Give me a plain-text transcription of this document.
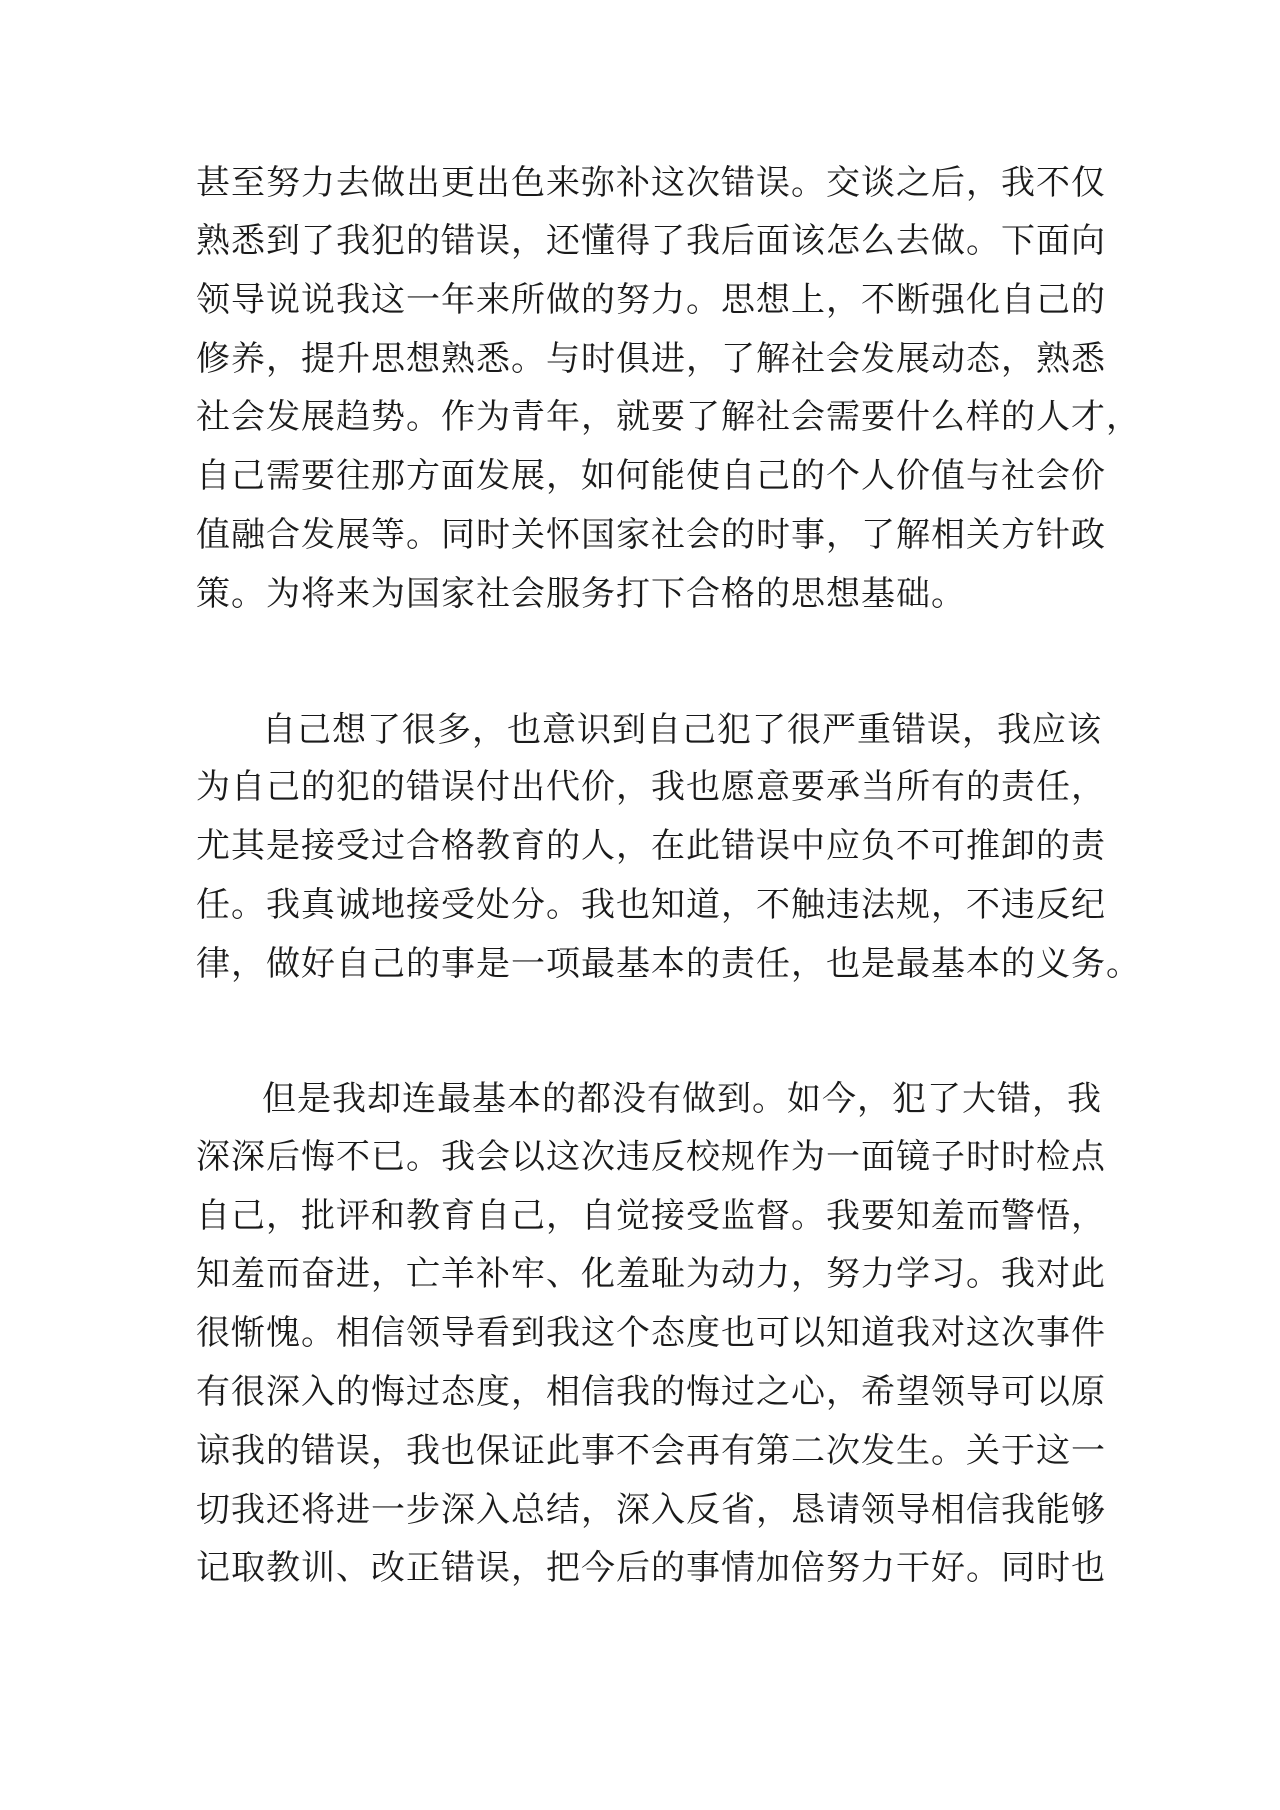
甚至努力去做出更出色来弥补这次错误。交谈之后，我不仅
熟悉到了我犯的错误，还懂得了我后面该怎么去做。下面向
领导说说我这一年来所做的努力。思想上，不断强化自己的
修养，提升思想熟悉。与时俱进，了解社会发展动态，熟悉
社会发展趋势。作为青年，就要了解社会需要什么样的人才，
自己需要往那方面发展，如何能使自己的个人价值与社会价
值融合发展等。同时关怀国家社会的时事，了解相关方针政
策。为将来为国家社会服务打下合格的思想基础。
自己想了很多，也意识到自己犯了很严重错误，我应该
为自己的犯的错误付出代价，我也愿意要承当所有的责任，
尤其是接受过合格教育的人，在此错误中应负不可推卸的责
任。我真诚地接受处分。我也知道，不触违法规，不违反纪
律，做好自己的事是一项最基本的责任，也是最基本的义务。
但是我却连最基本的都没有做到。如今，犯了大错，我
深深后悔不已。我会以这次违反校规作为一面镜子时时检点
自己，批评和教育自己，自觉接受监督。我要知羞而警悟，
知羞而奋进，亡羊补牢、化羞耻为动力，努力学习。我对此
很惭愧。相信领导看到我这个态度也可以知道我对这次事件
有很深入的悔过态度，相信我的悔过之心，希望领导可以原
谅我的错误，我也保证此事不会再有第二次发生。关于这一
切我还将进一步深入总结，深入反省，恳请领导相信我能够
记取教训、改正错误，把今后的事情加倍努力干好。同时也
